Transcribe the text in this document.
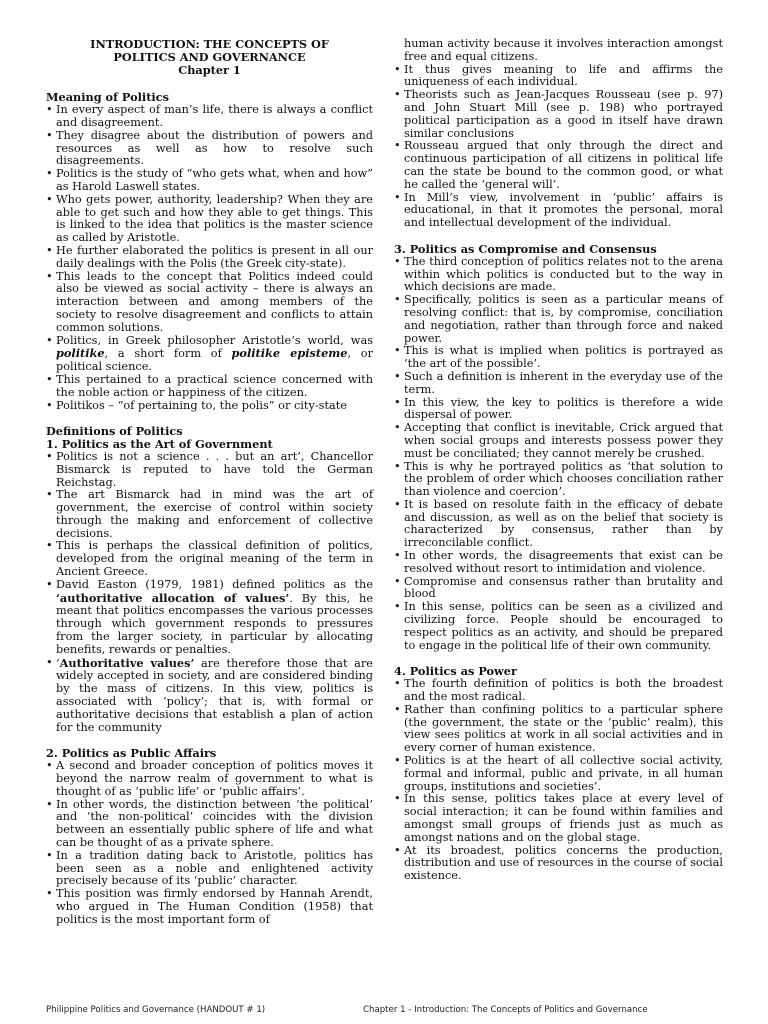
INTRODUCTION: THE CONCEPTS OF
POLITICS AND GOVERNANCE
Chapter 1
Meaning of Politics
• In every aspect of man’s life, there is always a conflict and disagreement.
• They disagree about the distribution of powers and resources as well as how to resolve such disagreements.
• Politics is the study of “who gets what, when and how” as Harold Laswell states.
• Who gets power, authority, leadership? When they are able to get such and how they able to get things. This is linked to the idea that politics is the master science as called by Aristotle.
• He further elaborated the politics is present in all our daily dealings with the Polis (the Greek city-state).
• This leads to the concept that Politics indeed could also be viewed as social activity – there is always an interaction between and among members of the society to resolve disagreement and conflicts to attain common solutions.
• Politics, in Greek philosopher Aristotle’s world, was politike, a short form of politike episteme, or political science.
• This pertained to a practical science concerned with the noble action or happiness of the citizen.
• Politikos – “of pertaining to, the polis” or city-state
Definitions of Politics
1. Politics as the Art of Government
• Politics is not a science . . . but an art’, Chancellor Bismarck is reputed to have told the German Reichstag.
• The art Bismarck had in mind was the art of government, the exercise of control within society through the making and enforcement of collective decisions.
• This is perhaps the classical definition of politics, developed from the original meaning of the term in Ancient Greece.
• David Easton (1979, 1981) defined politics as the ‘authoritative allocation of values’. By this, he meant that politics encompasses the various processes through which government responds to pressures from the larger society, in particular by allocating benefits, rewards or penalties.
• ‘Authoritative values’ are therefore those that are widely accepted in society, and are considered binding by the mass of citizens. In this view, politics is associated with ‘policy’; that is, with formal or authoritative decisions that establish a plan of action for the community
2. Politics as Public Affairs
• A second and broader conception of politics moves it beyond the narrow realm of government to what is thought of as ‘public life’ or ‘public affairs’.
• In other words, the distinction between ‘the political’ and ‘the non-political’ coincides with the division between an essentially public sphere of life and what can be thought of as a private sphere.
• In a tradition dating back to Aristotle, politics has been seen as a noble and enlightened activity precisely because of its ‘public’ character.
• This position was firmly endorsed by Hannah Arendt, who argued in The Human Condition (1958) that politics is the most important form of
human activity because it involves interaction amongst free and equal citizens.
• It thus gives meaning to life and affirms the uniqueness of each individual.
• Theorists such as Jean-Jacques Rousseau (see p. 97) and John Stuart Mill (see p. 198) who portrayed political participation as a good in itself have drawn similar conclusions
• Rousseau argued that only through the direct and continuous participation of all citizens in political life can the state be bound to the common good, or what he called the ‘general will’.
• In Mill’s view, involvement in ‘public’ affairs is educational, in that it promotes the personal, moral and intellectual development of the individual.
3. Politics as Compromise and Consensus
• The third conception of politics relates not to the arena within which politics is conducted but to the way in which decisions are made.
• Specifically, politics is seen as a particular means of resolving conflict: that is, by compromise, conciliation and negotiation, rather than through force and naked power.
• This is what is implied when politics is portrayed as ‘the art of the possible’.
• Such a definition is inherent in the everyday use of the term.
• In this view, the key to politics is therefore a wide dispersal of power.
• Accepting that conflict is inevitable, Crick argued that when social groups and interests possess power they must be conciliated; they cannot merely be crushed.
• This is why he portrayed politics as ‘that solution to the problem of order which chooses conciliation rather than violence and coercion’.
• It is based on resolute faith in the efficacy of debate and discussion, as well as on the belief that society is characterized by consensus, rather than by irreconcilable conflict.
• In other words, the disagreements that exist can be resolved without resort to intimidation and violence.
• Compromise and consensus rather than brutality and blood
• In this sense, politics can be seen as a civilized and civilizing force. People should be encouraged to respect politics as an activity, and should be prepared to engage in the political life of their own community.
4. Politics as Power
• The fourth definition of politics is both the broadest and the most radical.
• Rather than confining politics to a particular sphere (the government, the state or the ‘public’ realm), this view sees politics at work in all social activities and in every corner of human existence.
• Politics is at the heart of all collective social activity, formal and informal, public and private, in all human groups, institutions and societies’.
• In this sense, politics takes place at every level of social interaction; it can be found within families and amongst small groups of friends just as much as amongst nations and on the global stage.
• At its broadest, politics concerns the production, distribution and use of resources in the course of social existence.
Philippine Politics and Governance (HANDOUT # 1)	Chapter 1 - Introduction: The Concepts of Politics and Governance
